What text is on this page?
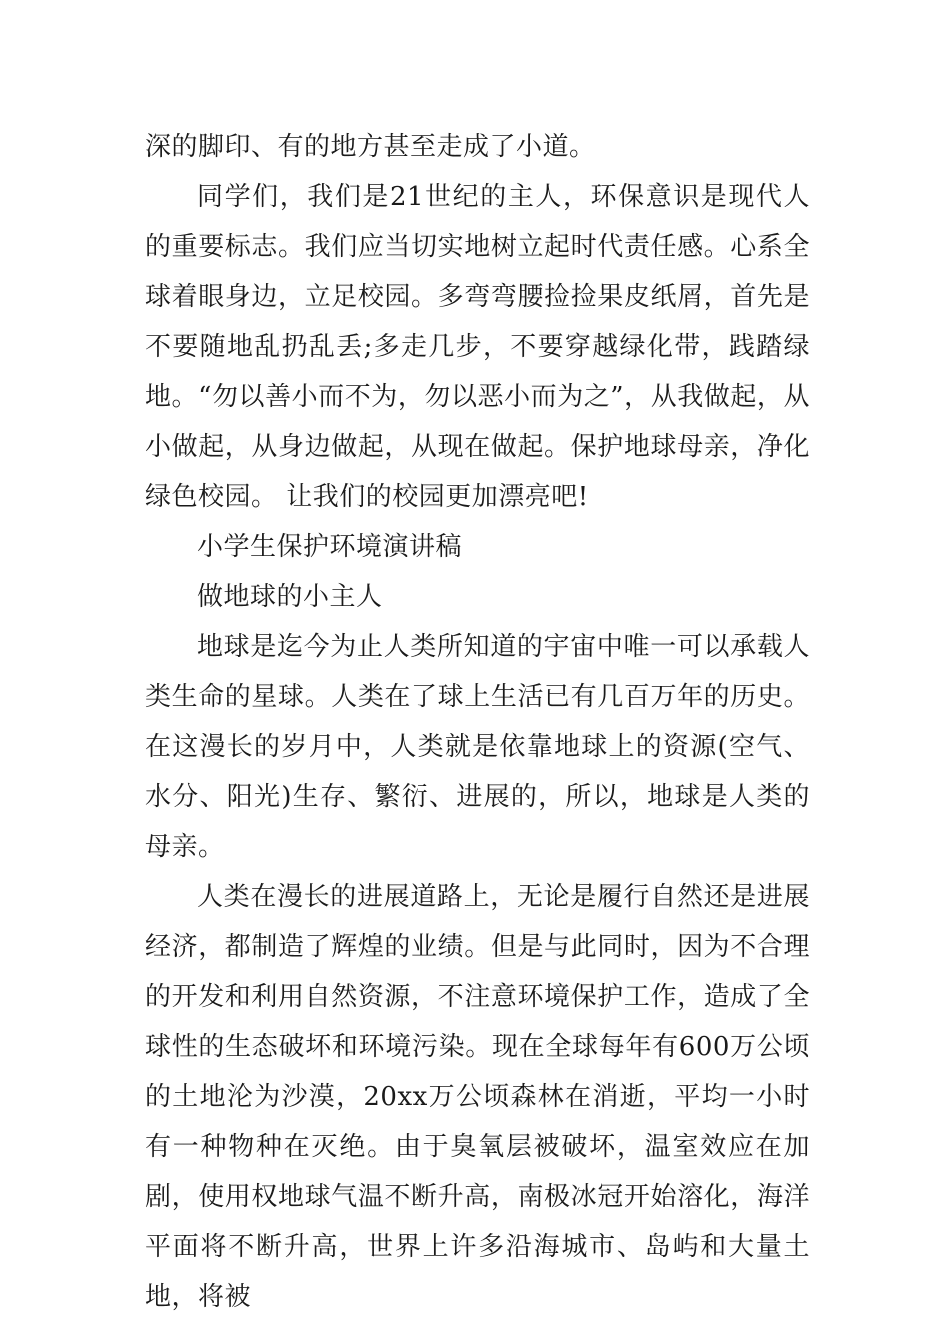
深的脚印、有的地方甚至走成了小道。

同学们，我们是21世纪的主人，环保意识是现代人的重要标志。我们应当切实地树立起时代责任感。心系全球着眼身边，立足校园。多弯弯腰捡捡果皮纸屑，首先是不要随地乱扔乱丢;多走几步，不要穿越绿化带，践踏绿地。“勿以善小而不为，勿以恶小而为之”，从我做起，从小做起，从身边做起，从现在做起。保护地球母亲，净化绿色校园。 让我们的校园更加漂亮吧!

小学生保护环境演讲稿

做地球的小主人

地球是迄今为止人类所知道的宇宙中唯一可以承载人类生命的星球。人类在了球上生活已有几百万年的历史。在这漫长的岁月中，人类就是依靠地球上的资源(空气、水分、阳光)生存、繁衍、进展的，所以，地球是人类的母亲。

人类在漫长的进展道路上，无论是履行自然还是进展经济，都制造了辉煌的业绩。但是与此同时，因为不合理的开发和利用自然资源，不注意环境保护工作，造成了全球性的生态破坏和环境污染。现在全球每年有600万公顷的土地沦为沙漠，20xx万公顷森林在消逝，平均一小时有一种物种在灭绝。由于臭氧层被破坏，温室效应在加剧，使用权地球气温不断升高，南极冰冠开始溶化，海洋平面将不断升高，世界上许多沿海城市、岛屿和大量土地，将被
